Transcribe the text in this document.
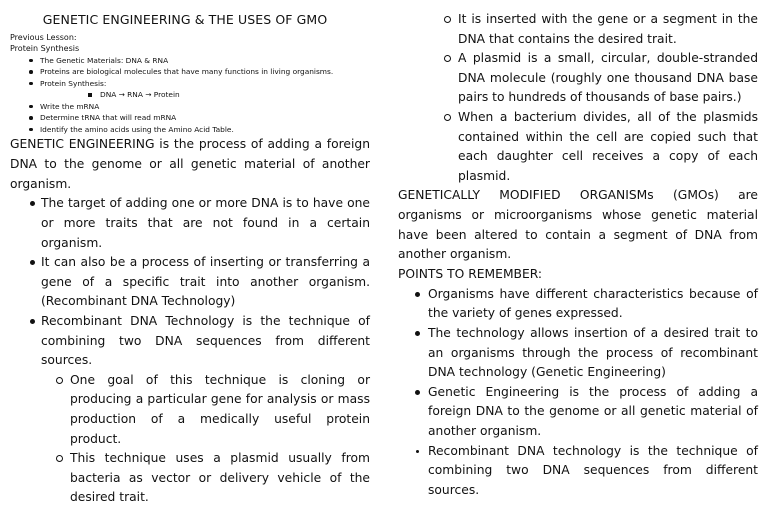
GENETIC ENGINEERING & THE USES OF GMO
Previous Lesson:
Protein Synthesis
The Genetic Materials: DNA & RNA
Proteins are biological molecules that have many functions in living organisms.
Protein Synthesis:
DNA → RNA → Protein
Write the mRNA
Determine tRNA that will read mRNA
Identify the amino acids using the Amino Acid Table.

GENETIC ENGINEERING is the process of adding a foreign DNA to the genome or all genetic material of another organism.

The target of adding one or more DNA is to have one or more traits that are not found in a certain organism.
It can also be a process of inserting or transferring a gene of a specific trait into another organism. (Recombinant DNA Technology)
Recombinant DNA Technology is the technique of combining two DNA sequences from different sources.
One goal of this technique is cloning or producing a particular gene for analysis or mass production of a medically useful protein product.
This technique uses a plasmid usually from bacteria as vector or delivery vehicle of the desired trait.
It is inserted with the gene or a segment in the DNA that contains the desired trait.
A plasmid is a small, circular, double-stranded DNA molecule (roughly one thousand DNA base pairs to hundreds of thousands of base pairs.)
When a bacterium divides, all of the plasmids contained within the cell are copied such that each daughter cell receives a copy of each plasmid.

GENETICALLY MODIFIED ORGANISMs (GMOs) are organisms or microorganisms whose genetic material have been altered to contain a segment of DNA from another organism.

POINTS TO REMEMBER:

Organisms have different characteristics because of the variety of genes expressed.
The technology allows insertion of a desired trait to an organisms through the process of recombinant DNA technology (Genetic Engineering)
Genetic Engineering is the process of adding a foreign DNA to the genome or all genetic material of another organism.
Recombinant DNA technology is the technique of combining two DNA sequences from different sources.
